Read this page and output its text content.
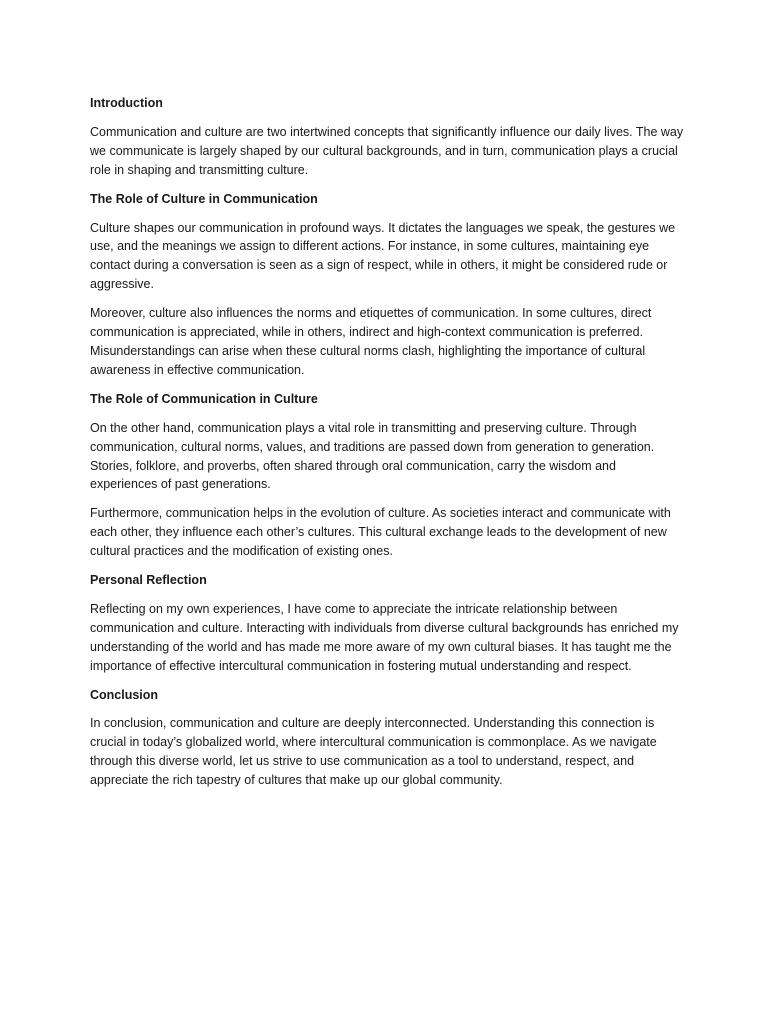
Introduction

Communication and culture are two intertwined concepts that significantly influence our daily lives. The way we communicate is largely shaped by our cultural backgrounds, and in turn, communication plays a crucial role in shaping and transmitting culture.

The Role of Culture in Communication

Culture shapes our communication in profound ways. It dictates the languages we speak, the gestures we use, and the meanings we assign to different actions. For instance, in some cultures, maintaining eye contact during a conversation is seen as a sign of respect, while in others, it might be considered rude or aggressive.

Moreover, culture also influences the norms and etiquettes of communication. In some cultures, direct communication is appreciated, while in others, indirect and high-context communication is preferred. Misunderstandings can arise when these cultural norms clash, highlighting the importance of cultural awareness in effective communication.

The Role of Communication in Culture

On the other hand, communication plays a vital role in transmitting and preserving culture. Through communication, cultural norms, values, and traditions are passed down from generation to generation. Stories, folklore, and proverbs, often shared through oral communication, carry the wisdom and experiences of past generations.

Furthermore, communication helps in the evolution of culture. As societies interact and communicate with each other, they influence each other’s cultures. This cultural exchange leads to the development of new cultural practices and the modification of existing ones.

Personal Reflection

Reflecting on my own experiences, I have come to appreciate the intricate relationship between communication and culture. Interacting with individuals from diverse cultural backgrounds has enriched my understanding of the world and has made me more aware of my own cultural biases. It has taught me the importance of effective intercultural communication in fostering mutual understanding and respect.

Conclusion

In conclusion, communication and culture are deeply interconnected. Understanding this connection is crucial in today’s globalized world, where intercultural communication is commonplace. As we navigate through this diverse world, let us strive to use communication as a tool to understand, respect, and appreciate the rich tapestry of cultures that make up our global community.
